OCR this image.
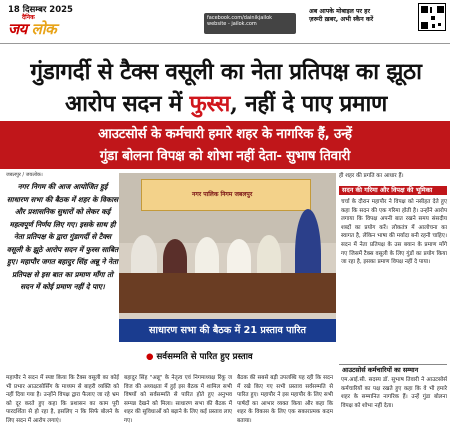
18 दिसम्बर 2025
दैनिक
जय लोक
facebook.com/dainikjailok
website - jailok.com
अब आपके मोबाइल पर हर
ज़रूरी ख़बर, अभी स्कैन करें
गुंडागर्दी से टैक्स वसूली का नेता प्रतिपक्ष का झूठा आरोप सदन में फुस्स, नहीं दे पाए प्रमाण
आउटसोर्स के कर्मचारी हमारे शहर के नागरिक हैं, उन्हें
गुंडा बोलना विपक्ष को शोभा नहीं देता- सुभाष तिवारी
जबलपुर / जयलोक।
नगर निगम की आज आयोजित हुई साधारण सभा की बैठक में शहर के विकास और प्रशासनिक सुधारों को लेकर कई महत्वपूर्ण निर्णय लिए गए। इसके साथ ही नेता प्रतिपक्ष के द्वारा गुंडागर्दी से टैक्स वसूली के झूठे आरोप सदन में फुस्स साबित हुए। महापौर जगत बहादुर सिंह अन्नू ने नेता प्रतिपक्ष से इस बात का प्रमाण माँगा तो सदन में कोई प्रमाण नहीं दे पाए।
महापौर ने सदन में स्पष्ट किया कि टैक्स वसूली का कोई भी प्रभार आउटसोर्सिंग के माध्यम से बाहरी व्यक्ति को नहीं दिया गया है। उन्होंने विपक्ष द्वारा फैलाए जा रहे भ्रम को दूर करते हुए कहा कि प्रशासन का काम पूरी पारदर्शिता से हो रहा है, इसलिए न कि सिर्फ बोलने के लिए सदन में आरोप लगाएं।
नगर पालिक निगम जबलपुर
साधारण सभा की बैठक में 21 प्रस्ताव पारित
बहादुर सिंह "अन्नू" के नेतृत्व एवं निगमाध्यक्ष रिंकू ज विज की अध्यक्षता में हुई इस बैठक में शामिल सभी विषयों को सर्वसम्मति से पारित होते हुए अनुभव सम्पन्न देखने को मिला। साधारण सभा की बैठक में शहर की सुविधाओं को बढ़ाने के लिए कई प्रस्ताव लाए गए।
● सर्वसम्मति से पारित हुए प्रस्ताव
बैठक की सबसे बड़ी उपलब्धि यह रही कि सदन में रखे किए गए सभी प्रस्ताव सर्वसम्मति से पारित हुए। महापौर ने इस महापौर के लिए सभी पार्षदों का आभार व्यक्त किया और कहा कि शहर के विकास के लिए एक सकारात्मक कदम बताया।
ही शहर की प्रगति का आधार हैं।
सदन की गरिमा और विपक्ष की भूमिका
चर्चा के दौरान महापौर ने विपक्ष को नसीहत देते हुए कहा कि सदन की एक गरिमा होती है। उन्होंने आरोप लगाया कि विपक्ष अपनी बात रखने समय संसदीय शब्दों का प्रयोग करें। लोकतंत्र में आलोचना का स्वागत है, लेकिन भाषा की मर्यादा बनी रहनी चाहिए। सदन में नेता प्रतिपक्ष के उस बयान के प्रमाण माँगे गए जिसमें टैक्स वसूली के लिए गुंडों का प्रयोग किया जा रहा है, इसका प्रमाण विपक्ष नहीं दे पाया।
आउटसोर्स कर्मचारियों का सम्मान
एम.आई.सी. सदस्य डॉ. सुभाष तिवारी ने आउटसोर्स कर्मचारियों का पक्ष रखते हुए कहा कि वे भी हमारे शहर के सम्मानित नागरिक हैं। उन्हें गुंडा बोलना विपक्ष को शोभा नहीं देता।
